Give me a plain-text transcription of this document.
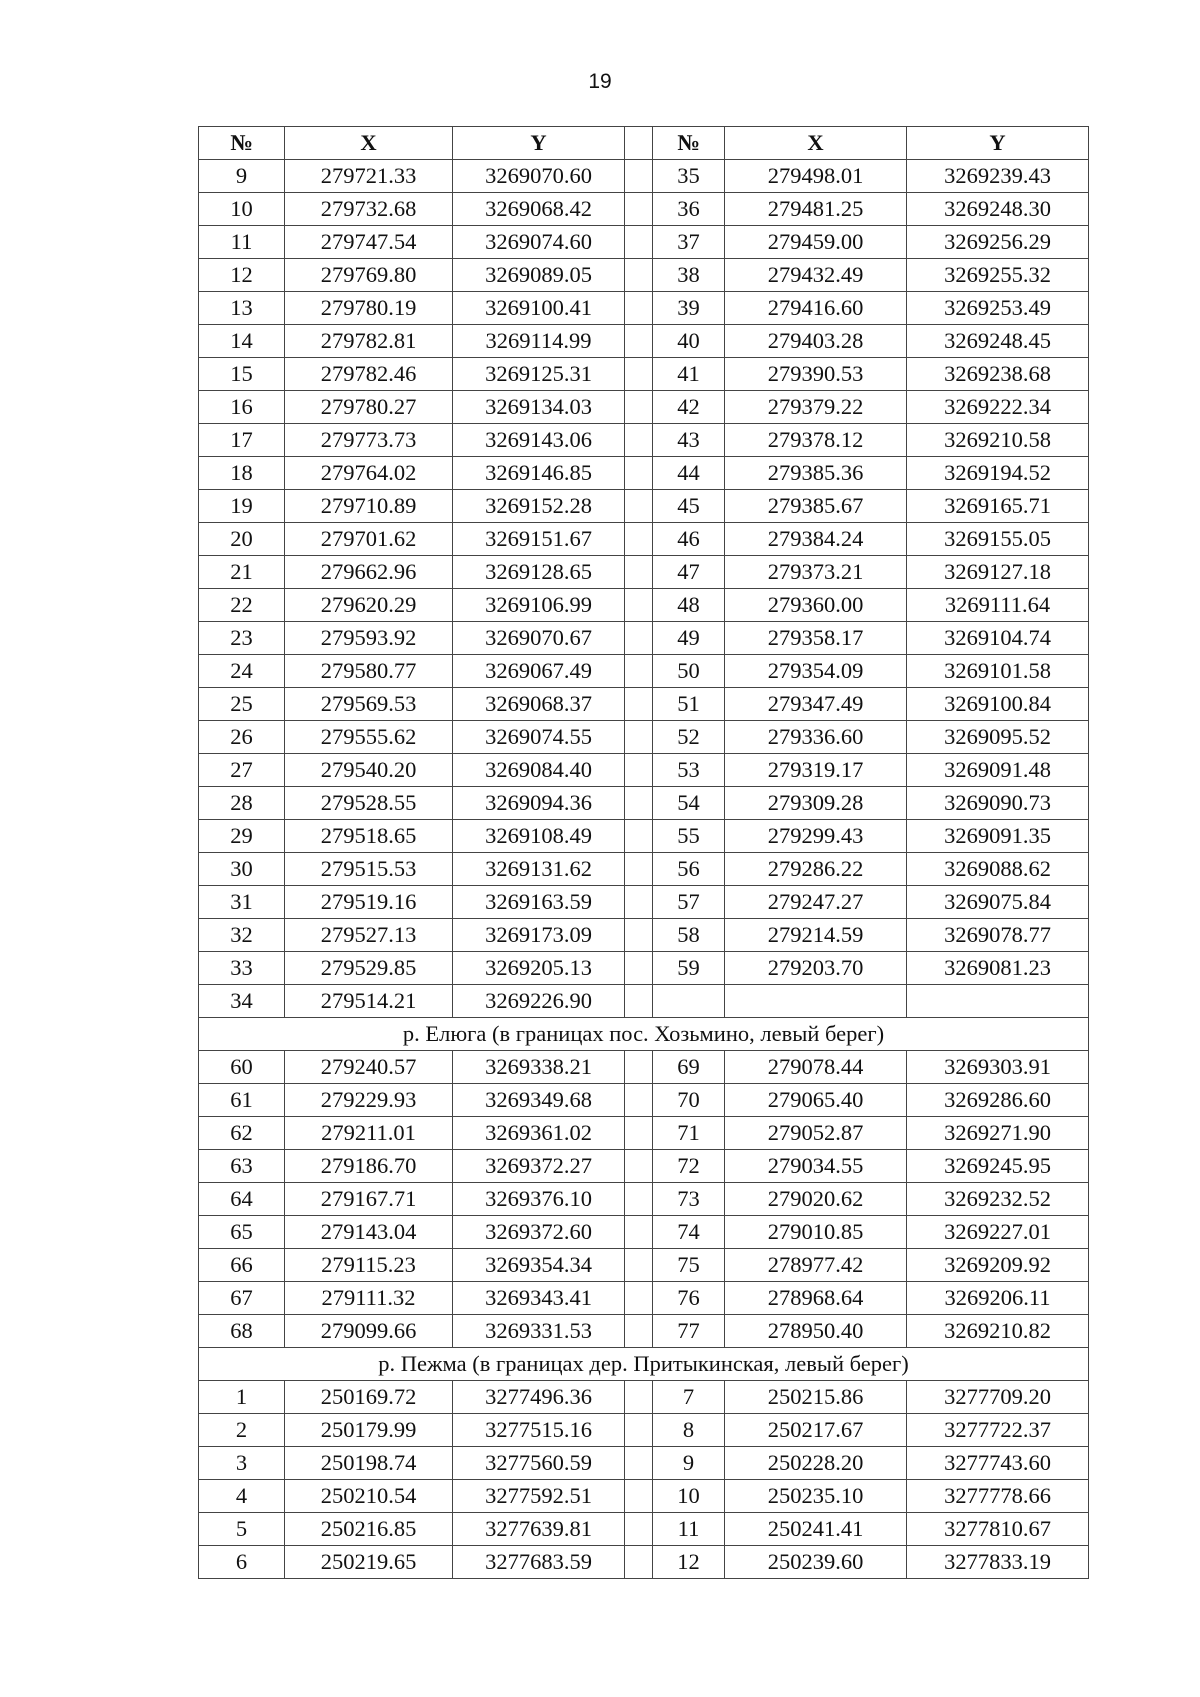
19
№	X	Y		№	X	Y
9	279721.33	3269070.60		35	279498.01	3269239.43
10	279732.68	3269068.42		36	279481.25	3269248.30
11	279747.54	3269074.60		37	279459.00	3269256.29
12	279769.80	3269089.05		38	279432.49	3269255.32
13	279780.19	3269100.41		39	279416.60	3269253.49
14	279782.81	3269114.99		40	279403.28	3269248.45
15	279782.46	3269125.31		41	279390.53	3269238.68
16	279780.27	3269134.03		42	279379.22	3269222.34
17	279773.73	3269143.06		43	279378.12	3269210.58
18	279764.02	3269146.85		44	279385.36	3269194.52
19	279710.89	3269152.28		45	279385.67	3269165.71
20	279701.62	3269151.67		46	279384.24	3269155.05
21	279662.96	3269128.65		47	279373.21	3269127.18
22	279620.29	3269106.99		48	279360.00	3269111.64
23	279593.92	3269070.67		49	279358.17	3269104.74
24	279580.77	3269067.49		50	279354.09	3269101.58
25	279569.53	3269068.37		51	279347.49	3269100.84
26	279555.62	3269074.55		52	279336.60	3269095.52
27	279540.20	3269084.40		53	279319.17	3269091.48
28	279528.55	3269094.36		54	279309.28	3269090.73
29	279518.65	3269108.49		55	279299.43	3269091.35
30	279515.53	3269131.62		56	279286.22	3269088.62
31	279519.16	3269163.59		57	279247.27	3269075.84
32	279527.13	3269173.09		58	279214.59	3269078.77
33	279529.85	3269205.13		59	279203.70	3269081.23
34	279514.21	3269226.90				
р. Елюга (в границах пос. Хозьмино, левый берег)						
60	279240.57	3269338.21		69	279078.44	3269303.91
61	279229.93	3269349.68		70	279065.40	3269286.60
62	279211.01	3269361.02		71	279052.87	3269271.90
63	279186.70	3269372.27		72	279034.55	3269245.95
64	279167.71	3269376.10		73	279020.62	3269232.52
65	279143.04	3269372.60		74	279010.85	3269227.01
66	279115.23	3269354.34		75	278977.42	3269209.92
67	279111.32	3269343.41		76	278968.64	3269206.11
68	279099.66	3269331.53		77	278950.40	3269210.82
р. Пежма (в границах дер. Притыкинская, левый берег)						
1	250169.72	3277496.36		7	250215.86	3277709.20
2	250179.99	3277515.16		8	250217.67	3277722.37
3	250198.74	3277560.59		9	250228.20	3277743.60
4	250210.54	3277592.51		10	250235.10	3277778.66
5	250216.85	3277639.81		11	250241.41	3277810.67
6	250219.65	3277683.59		12	250239.60	3277833.19
